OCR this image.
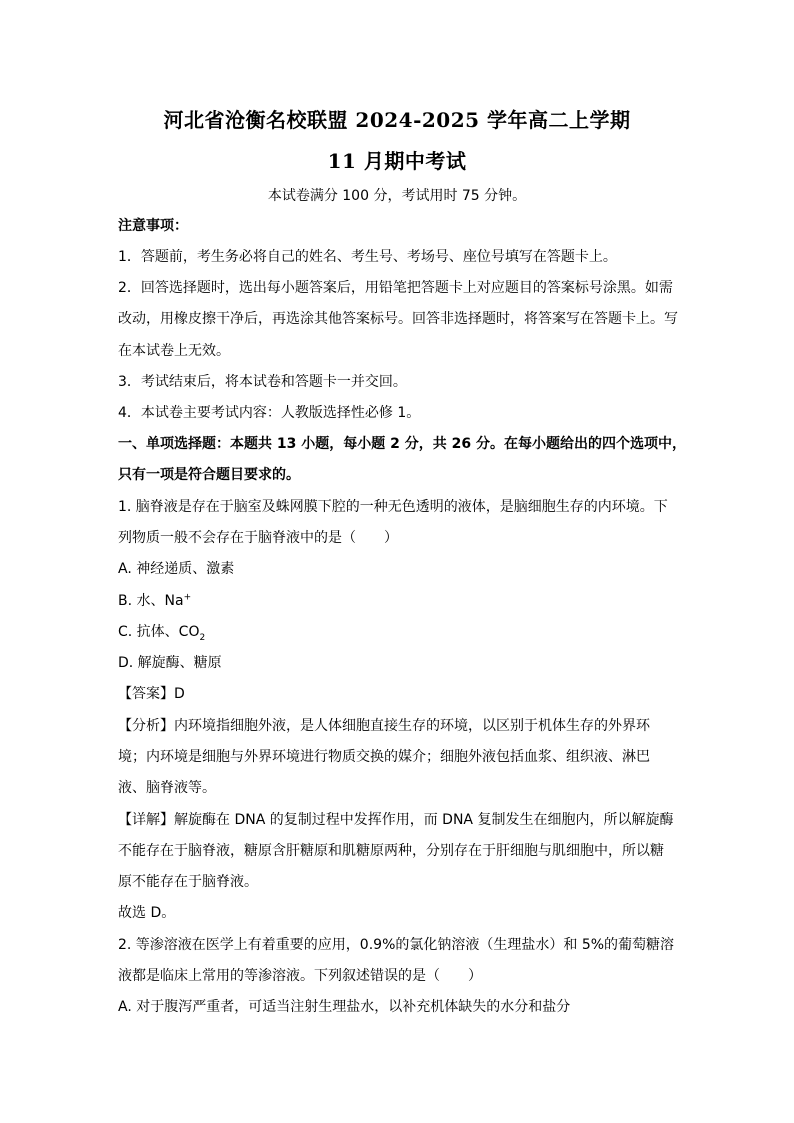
河北省沧衡名校联盟 2024-2025 学年高二上学期
11 月期中考试
本试卷满分 100 分，考试用时 75 分钟。
注意事项：
1．答题前，考生务必将自己的姓名、考生号、考场号、座位号填写在答题卡上。
2．回答选择题时，选出每小题答案后，用铅笔把答题卡上对应题目的答案标号涂黑。如需
改动，用橡皮擦干净后，再选涂其他答案标号。回答非选择题时，将答案写在答题卡上。写
在本试卷上无效。
3．考试结束后，将本试卷和答题卡一并交回。
4．本试卷主要考试内容：人教版选择性必修 1。
一、单项选择题：本题共 13 小题，每小题 2 分，共 26 分。在每小题给出的四个选项中，
只有一项是符合题目要求的。
1. 脑脊液是存在于脑室及蛛网膜下腔的一种无色透明的液体，是脑细胞生存的内环境。下
列物质一般不会存在于脑脊液中的是（　　）
A. 神经递质、激素
B. 水、Na+
C. 抗体、$CO_2$
D. 解旋酶、糖原
【答案】D
【分析】内环境指细胞外液，是人体细胞直接生存的环境，以区别于机体生存的外界环
境；内环境是细胞与外界环境进行物质交换的媒介；细胞外液包括血浆、组织液、淋巴
液、脑脊液等。
【详解】解旋酶在 DNA 的复制过程中发挥作用，而 DNA 复制发生在细胞内，所以解旋酶
不能存在于脑脊液，糖原含肝糖原和肌糖原两种，分别存在于肝细胞与肌细胞中，所以糖
原不能存在于脑脊液。
故选 D。
2. 等渗溶液在医学上有着重要的应用，0.9%的氯化钠溶液（生理盐水）和 5%的葡萄糖溶
液都是临床上常用的等渗溶液。下列叙述错误的是（　　）
A. 对于腹泻严重者，可适当注射生理盐水，以补充机体缺失的水分和盐分
